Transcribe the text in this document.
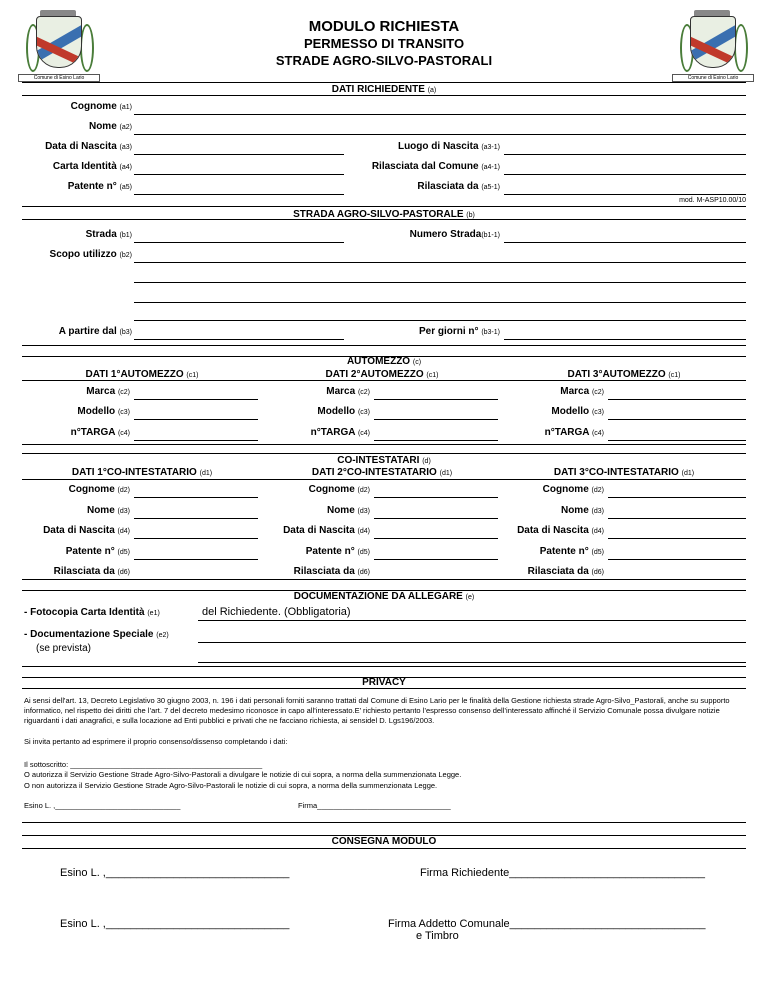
MODULO RICHIESTA
PERMESSO DI TRANSITO
STRADE AGRO-SILVO-PASTORALI
Comune di Esino Lario	Comune di Esino Lario
DATI RICHIEDENTE (a)
Cognome (a1)
Nome (a2)
Data di Nascita (a3)	Luogo di Nascita (a3-1)
Carta Identità (a4)	Rilasciata dal Comune (a4-1)
Patente n° (a5)	Rilasciata da (a5-1)
mod. M-ASP10.00/10
STRADA AGRO-SILVO-PASTORALE (b)
Strada (b1)	Numero Strada(b1-1)
Scopo utilizzo (b2)
A partire dal (b3)	Per giorni n° (b3-1)
AUTOMEZZO (c)
DATI 1°AUTOMEZZO (c1)	DATI 2°AUTOMEZZO (c1)	DATI 3°AUTOMEZZO (c1)
Marca (c2)	Marca (c2)	Marca (c2)
Modello (c3)	Modello (c3)	Modello (c3)
n°TARGA (c4)	n°TARGA (c4)	n°TARGA (c4)
CO-INTESTATARI (d)
DATI 1°CO-INTESTATARIO (d1)	DATI 2°CO-INTESTATARIO (d1)	DATI 3°CO-INTESTATARIO (d1)
Cognome (d2)	Cognome (d2)	Cognome (d2)
Nome (d3)	Nome (d3)	Nome (d3)
Data di Nascita (d4)	Data di Nascita (d4)	Data di Nascita (d4)
Patente n° (d5)	Patente n° (d5)	Patente n° (d5)
Rilasciata da (d6)	Rilasciata da (d6)	Rilasciata da (d6)
DOCUMENTAZIONE DA ALLEGARE (e)
- Fotocopia Carta Identità (e1)	del Richiedente. (Obbligatoria)
- Documentazione Speciale (e2)
(se prevista)
PRIVACY
Ai sensi dell'art. 13, Decreto Legislativo 30 giugno 2003, n. 196 i dati personali forniti saranno trattati dal Comune di Esino Lario per le finalità della Gestione richiesta strade Agro-Silvo_Pastorali, anche su supporto informatico, nel rispetto dei diritti che l’art. 7 del decreto medesimo riconosce in capo all’interessato.E’ richiesto pertanto l’espresso consenso dell’interessato affinché il Servizio Comunale possa divulgare notizie riguardanti i dati anagrafici, e sulla locazione ad Enti pubblici e privati che ne facciano richiesta, ai sensidel D. Lgs196/2003.
Si invita pertanto ad esprimere il proprio consenso/dissenso completando i dati:
Il sottoscritto: ______________________________________________
O autorizza il Servizio Gestione Strade Agro-Silvo-Pastorali a divulgare le notizie di cui sopra, a norma della summenzionata Legge.
O non autorizza il Servizio Gestione Strade Agro-Silvo-Pastorali le notizie di cui sopra, a norma della summenzionata Legge.
Esino L. ,______________________________	Firma________________________________
CONSEGNA MODULO
Esino L. ,______________________________	Firma Richiedente________________________________
Esino L. ,______________________________	Firma Addetto Comunale________________________________
e Timbro
